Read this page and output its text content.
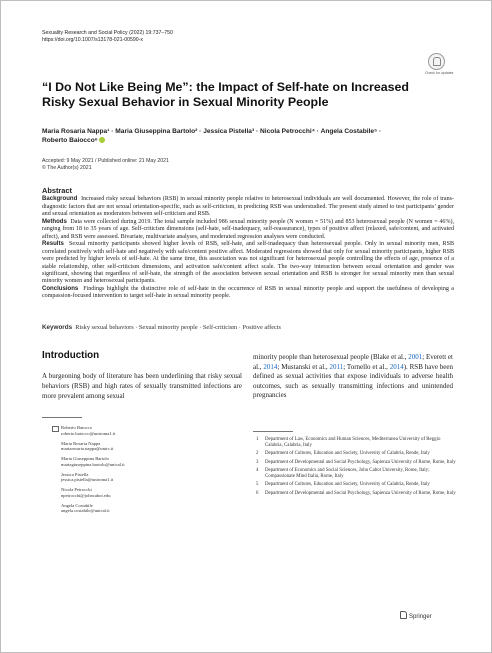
Sexuality Research and Social Policy (2022) 19:737–750
https://doi.org/10.1007/s13178-021-00590-x
Check for updates
“I Do Not Like Being Me”: the Impact of Self-hate on Increased Risky Sexual Behavior in Sexual Minority People
Maria Rosaria Nappa¹ · Maria Giuseppina Bartolo² · Jessica Pistella³ · Nicola Petrocchi⁴ · Angela Costabile⁵ ·
Roberto Baiocco⁶
Accepted: 9 May 2021 / Published online: 21 May 2021
© The Author(s) 2021
Abstract

Background Increased risky sexual behaviors (RSB) in sexual minority people relative to heterosexual individuals are well documented. However, the role of trans-diagnostic factors that are not sexual orientation-specific, such as self-criticism, in predicting RSB was understudied. The present study aimed to test participants’ gender and sexual orientation as moderators between self-criticism and RSB.

Methods Data were collected during 2019. The total sample included 986 sexual minority people (N women = 51%) and 853 heterosexual people (N women = 46%), ranging from 18 to 35 years of age. Self-criticism dimensions (self-hate, self-inadequacy, self-reassurance), types of positive affect (relaxed, safe/content, and activated affect), and RSB were assessed. Bivariate, multivariate analyses, and moderated regression analyses were conducted.

Results Sexual minority participants showed higher levels of RSB, self-hate, and self-inadequacy than heterosexual people. Only in sexual minority men, RSB correlated positively with self-hate and negatively with safe/content positive affect. Moderated regressions showed that only for sexual minority participants, higher RSB were predicted by higher levels of self-hate. At the same time, this association was not significant for heterosexual people controlling the effects of age, presence of a stable relationship, other self-criticism dimensions, and activation safe/content affect scale. The two-way interaction between sexual orientation and gender was significant, showing that regardless of self-hate, the strength of the association between sexual orientation and RSB is stronger for sexual minority men than sexual minority women and heterosexual participants.

Conclusions Findings highlight the distinctive role of self-hate in the occurrence of RSB in sexual minority people and support the usefulness of developing a compassion-focused intervention to target self-hate in sexual minority people.

Keywords Risky sexual behaviors · Sexual minority people · Self-criticism · Positive affects
Introduction
A burgeoning body of literature has been underlining that risky sexual behaviors (RSB) and high rates of sexually transmitted infections are more prevalent among sexual
minority people than heterosexual people (Blake et al., 2001; Everett et al., 2014; Mustanski et al., 2011; Tornello et al., 2014). RSB have been defined as sexual activities that expose individuals to adverse health outcomes, such as sexually transmitting infections and unintended pregnancies
Roberto Baiocco
roberto.baiocco@uniroma1.it
Maria Rosaria Nappa
mariarosaria.nappa@unirc.it
Maria Giuseppina Bartolo
mariagiuseppina.bartolo@unical.it
Jessica Pistella
jessica.pistella@uniroma1.it
Nicola Petrocchi
npetrocchi@johncabot.edu
Angela Costabile
angela.costabile@unical.it
1	Department of Law, Economics and Human Sciences, Mediterranea University of Reggio Calabria, Calabria, Italy
2	Department of Cultures, Education and Society, University of Calabria, Rende, Italy
3	Department of Developmental and Social Psychology, Sapienza University of Rome, Rome, Italy
4	Department of Economics and Social Sciences, John Cabot University, Rome, Italy; Compassionate Mind Italia, Rome, Italy
5	Department of Cultures, Education and Society, University of Calabria, Rende, Italy
6	Department of Developmental and Social Psychology, Sapienza University of Rome, Rome, Italy
Springer
